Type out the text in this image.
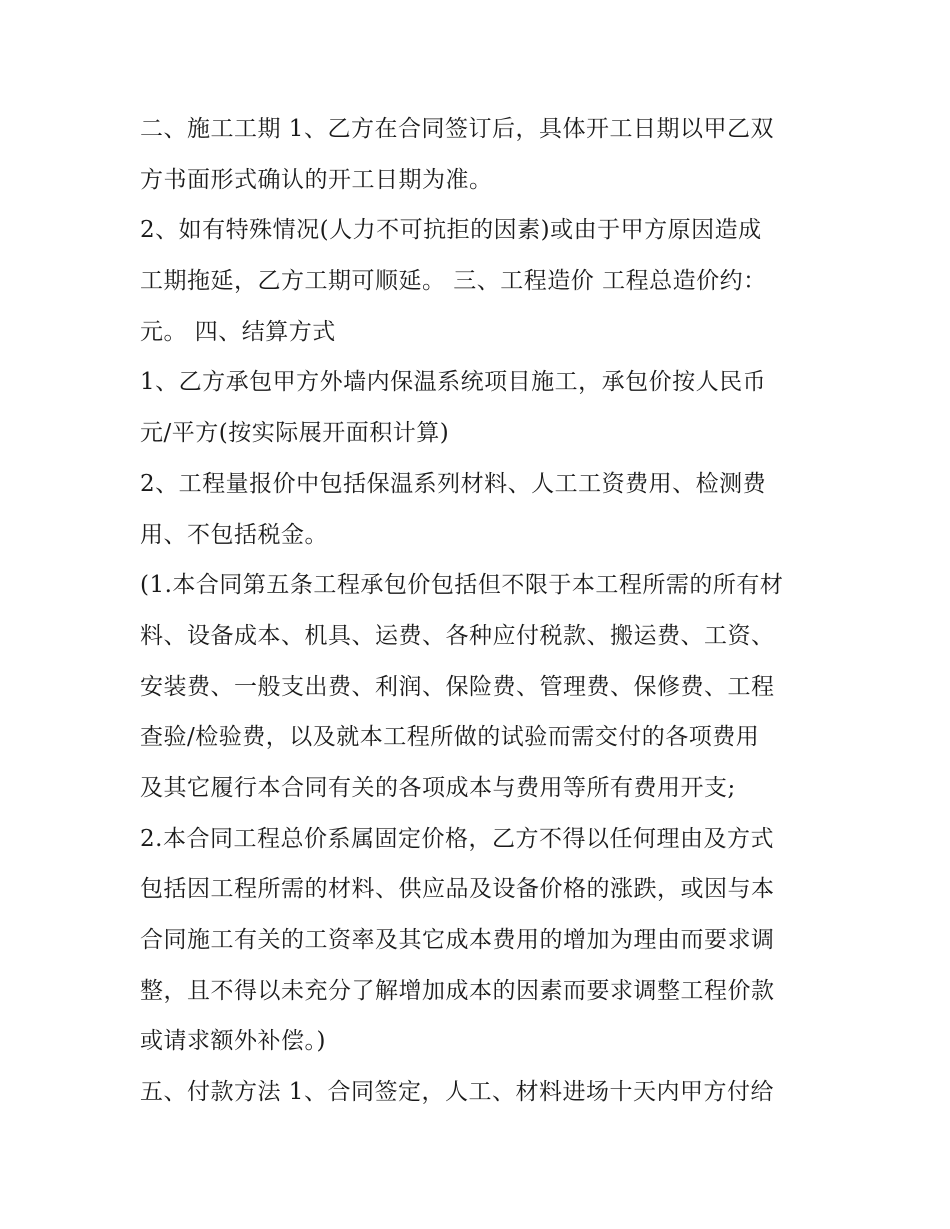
二、施工工期 1、乙方在合同签订后，具体开工日期以甲乙双
方书面形式确认的开工日期为准。
2、如有特殊情况(人力不可抗拒的因素)或由于甲方原因造成
工期拖延，乙方工期可顺延。 三、工程造价 工程总造价约：
元。 四、结算方式
1、乙方承包甲方外墙内保温系统项目施工，承包价按人民币
元/平方(按实际展开面积计算)
2、工程量报价中包括保温系列材料、人工工资费用、检测费
用、不包括税金。
(1.本合同第五条工程承包价包括但不限于本工程所需的所有材
料、设备成本、机具、运费、各种应付税款、搬运费、工资、
安装费、一般支出费、利润、保险费、管理费、保修费、工程
查验/检验费，以及就本工程所做的试验而需交付的各项费用
及其它履行本合同有关的各项成本与费用等所有费用开支;
2.本合同工程总价系属固定价格，乙方不得以任何理由及方式
包括因工程所需的材料、供应品及设备价格的涨跌，或因与本
合同施工有关的工资率及其它成本费用的增加为理由而要求调
整，且不得以未充分了解增加成本的因素而要求调整工程价款
或请求额外补偿。)
五、付款方法 1、合同签定，人工、材料进场十天内甲方付给
